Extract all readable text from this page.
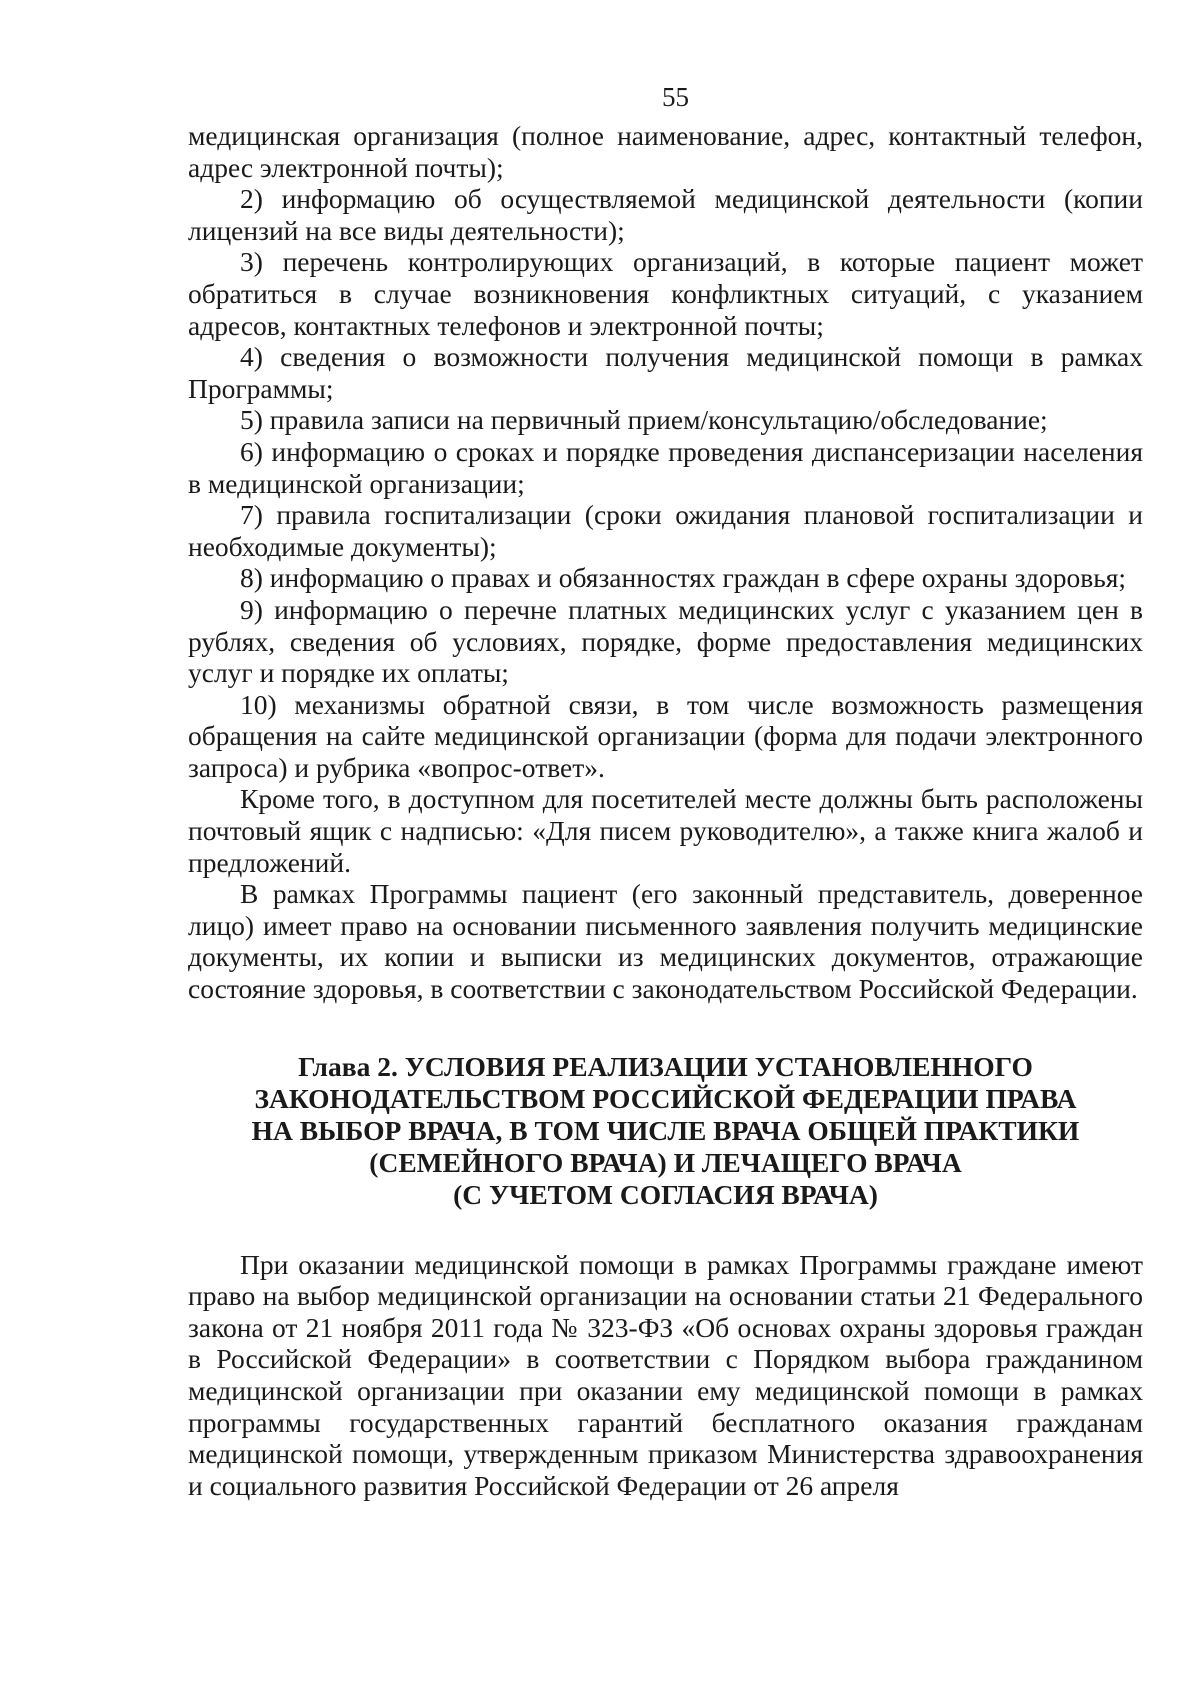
55

медицинская организация (полное наименование, адрес, контактный телефон, адрес электронной почты);

2) информацию об осуществляемой медицинской деятельности (копии лицензий на все виды деятельности);

3) перечень контролирующих организаций, в которые пациент может обратиться в случае возникновения конфликтных ситуаций, с указанием адресов, контактных телефонов и электронной почты;

4) сведения о возможности получения медицинской помощи в рамках Программы;

5) правила записи на первичный прием/консультацию/обследование;

6) информацию о сроках и порядке проведения диспансеризации населения в медицинской организации;

7) правила госпитализации (сроки ожидания плановой госпитализации и необходимые документы);

8) информацию о правах и обязанностях граждан в сфере охраны здоровья;

9) информацию о перечне платных медицинских услуг с указанием цен в рублях, сведения об условиях, порядке, форме предоставления медицинских услуг и порядке их оплаты;

10) механизмы обратной связи, в том числе возможность размещения обращения на сайте медицинской организации (форма для подачи электронного запроса) и рубрика «вопрос-ответ».

Кроме того, в доступном для посетителей месте должны быть расположены почтовый ящик с надписью: «Для писем руководителю», а также книга жалоб и предложений.

В рамках Программы пациент (его законный представитель, доверенное лицо) имеет право на основании письменного заявления получить медицинские документы, их копии и выписки из медицинских документов, отражающие состояние здоровья, в соответствии с законодательством Российской Федерации.

Глава 2. УСЛОВИЯ РЕАЛИЗАЦИИ УСТАНОВЛЕННОГО
ЗАКОНОДАТЕЛЬСТВОМ РОССИЙСКОЙ ФЕДЕРАЦИИ ПРАВА
НА ВЫБОР ВРАЧА, В ТОМ ЧИСЛЕ ВРАЧА ОБЩЕЙ ПРАКТИКИ
(СЕМЕЙНОГО ВРАЧА) И ЛЕЧАЩЕГО ВРАЧА
(С УЧЕТОМ СОГЛАСИЯ ВРАЧА)

При оказании медицинской помощи в рамках Программы граждане имеют право на выбор медицинской организации на основании статьи 21 Федерального закона от 21 ноября 2011 года № 323-ФЗ «Об основах охраны здоровья граждан в Российской Федерации» в соответствии с Порядком выбора гражданином медицинской организации при оказании ему медицинской помощи в рамках программы государственных гарантий бесплатного оказания гражданам медицинской помощи, утвержденным приказом Министерства здравоохранения и социального развития Российской Федерации от 26 апреля
